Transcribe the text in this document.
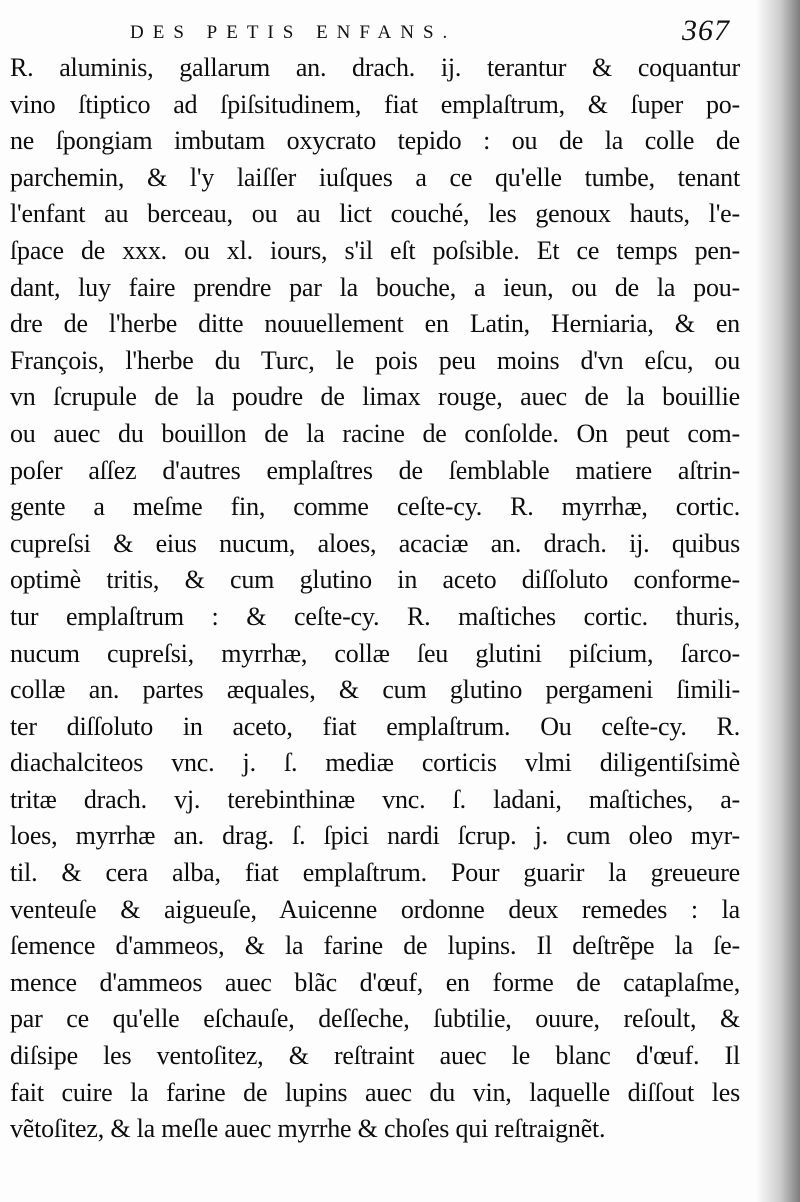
DES PETIS ENFANS.	367
R. aluminis, gallarum an. drach. ij. terantur & coquantur
vino ſtiptico ad ſpiſsitudinem, fiat emplaſtrum, & ſuper po-
ne ſpongiam imbutam oxycrato tepido : ou de la colle de
parchemin, & l'y laiſſer iuſques a ce qu'elle tumbe, tenant
l'enfant au berceau, ou au lict couché, les genoux hauts, l'e-
ſpace de xxx. ou xl. iours, s'il eſt poſsible. Et ce temps pen-
dant, luy faire prendre par la bouche, a ieun, ou de la pou-
dre de l'herbe ditte nouuellement en Latin, Herniaria, & en
François, l'herbe du Turc, le pois peu moins d'vn eſcu, ou
vn ſcrupule de la poudre de limax rouge, auec de la bouillie
ou auec du bouillon de la racine de conſolde. On peut com-
poſer aſſez d'autres emplaſtres de ſemblable matiere aſtrin-
gente a meſme fin, comme ceſte-cy. R. myrrhæ, cortic.
cupreſsi & eius nucum, aloes, acaciæ an. drach. ij. quibus
optimè tritis, & cum glutino in aceto diſſoluto conforme-
tur emplaſtrum : & ceſte-cy. R. maſtiches cortic. thuris,
nucum cupreſsi, myrrhæ, collæ ſeu glutini piſcium, ſarco-
collæ an. partes æquales, & cum glutino pergameni ſimili-
ter diſſoluto in aceto, fiat emplaſtrum. Ou ceſte-cy. R.
diachalciteos vnc. j. ſ. mediæ corticis vlmi diligentiſsimè
tritæ drach. vj. terebinthinæ vnc. ſ. ladani, maſtiches, a-
loes, myrrhæ an. drag. ſ. ſpici nardi ſcrup. j. cum oleo myr-
til. & cera alba, fiat emplaſtrum. Pour guarir la greueure
venteuſe & aigueuſe, Auicenne ordonne deux remedes : la
ſemence d'ammeos, & la farine de lupins. Il deſtrẽpe la ſe-
mence d'ammeos auec blãc d'œuf, en forme de cataplaſme,
par ce qu'elle eſchauſe, deſſeche, ſubtilie, ouure, reſoult, &
diſsipe les ventoſitez, & reſtraint auec le blanc d'œuf. Il
fait cuire la farine de lupins auec du vin, laquelle diſſout les
vẽtoſitez, & la meſle auec myrrhe & choſes qui reſtraignẽt.
